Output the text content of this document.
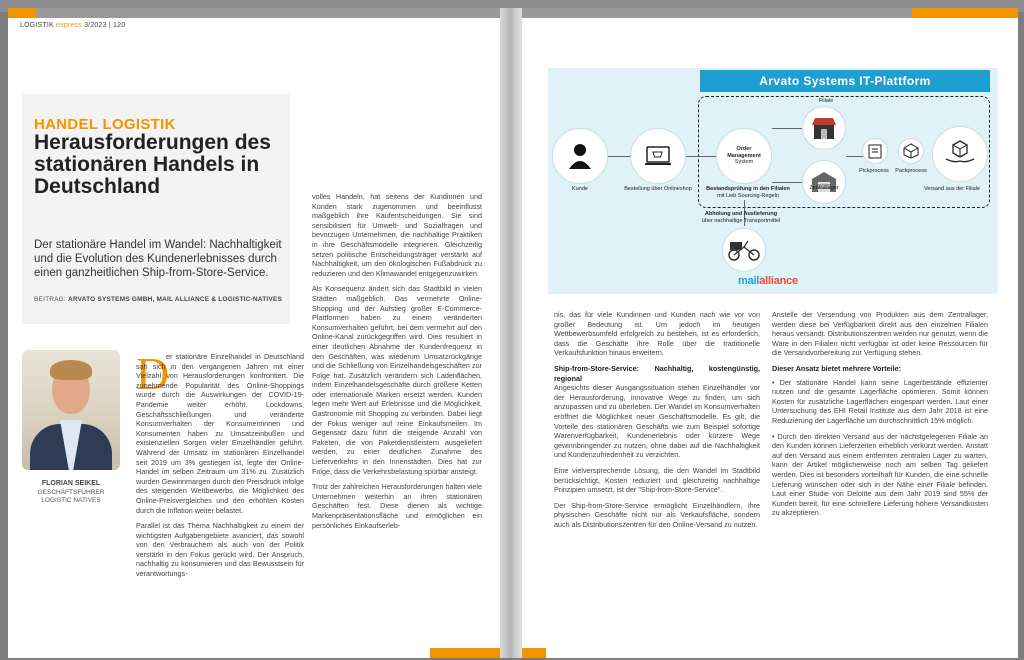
LOGISTIK express 3/2023 | 120
HANDEL LOGISTIK
Herausforderungen des stationären Handels in Deutschland
Der stationäre Handel im Wandel: Nachhaltigkeit und die Evolution des Kundenerlebnisses durch einen ganzheitlichen Ship-from-Store-Service.
BEITRAG: ARVATO SYSTEMS GMBH, MAIL ALLIANCE & LOGISTIC-NATIVES
FLORIAN SEIKEL
GESCHÄFTSFÜHRER
LOGISTIC NATIVES
D

er stationäre Einzelhandel in Deutschland sah sich in den vergangenen Jahren mit einer Vielzahl von Herausforderungen konfrontiert. Die zunehmende Popularität des Online-Shoppings wurde durch die Auswirkungen der COVID-19-Pandemie weiter erhöht. Lockdowns, Geschäftsschließungen und veränderte Konsumverhalten der Konsumentinnen und Konsumenten haben zu Umsatzeinbußen und existenziellen Sorgen vieler Einzelhändler geführt. Während der Umsatz im stationären Einzelhandel seit 2019 um 3% gestiegen ist, legte der Online-Handel im selben Zeitraum um 31% zu. Zusätzlich wurden Gewinnmargen durch den Preisdruck infolge des steigenden Wettbewerbs, die Möglichkeit des Online-Preisvergleiches und den erhöhten Kosten durch die Inflation weiter belastet.

Parallel ist das Thema Nachhaltigkeit zu einem der wichtigsten Aufgabengebiete avanciert, das sowohl von den Verbrauchern als auch von der Politik verstärkt in den Fokus gerückt wird. Der Anspruch, nachhaltig zu konsumieren und das Bewusstsein für verantwortungs-

volles Handeln, hat seitens der Kundinnen und Kunden stark zugenommen und beeinflusst maßgeblich ihre Kaufentscheidungen. Sie sind sensibilisiert für Umwelt- und Sozialfragen und bevorzugen Unternehmen, die nachhaltige Praktiken in ihre Geschäftsmodelle integrieren. Gleichzeitig setzen politische Entscheidungsträger verstärkt auf Nachhaltigkeit, um den ökologischen Fußabdruck zu reduzieren und den Klimawandel entgegenzuwirken.

Als Konsequenz ändert sich das Stadtbild in vielen Städten maßgeblich. Das vermehrte Online-Shopping und der Aufstieg großer E-Commerce-Plattformen haben zu einem veränderten Konsumverhalten geführt, bei dem vermehrt auf den Online-Kanal zurückgegriffen wird. Dies resultiert in einer deutlichen Abnahme der Kundenfrequenz in den Geschäften, was wiederum Umsatzrückgänge und die Schließung von Einzelhandelsgeschäften zur Folge hat. Zusätzlich verändern sich Ladenflächen, indem Einzelhandelsgeschäfte durch größere Ketten oder internationale Marken ersetzt werden. Kunden legen mehr Wert auf Erlebnisse und die Möglichkeit, Gastronomie mit Shopping zu verbinden. Dabei liegt der Fokus weniger auf reine Einkaufsmeilen. Im Gegensatz dazu führt die steigende Anzahl von Paketen, die von Paketdienstleistern ausgeliefert werden, zu einer deutlichen Zunahme des Lieferverkehrs in den Innenstädten. Dies hat zur Folge, dass die Verkehrsbelastung spürbar ansteigt.

Trotz der zahlreichen Herausforderungen halten viele Unternehmen weiterhin an ihren stationären Geschäften fest. Diese dienen als wichtige Markenpräsentationsfläche und ermöglichen ein persönliches Einkaufserleb-

Arvato Systems IT-Plattform
Kunde	Bestellung über Onlineshop
Order
Management
System
Bestandsprüfung in den Filialen
mit Lieb Sourcing-Regeln
Filiale
Zentrallager
Pickprocess	Packprocess
Versand aus der Filiale
Abholung und Auslieferung
über nachhaltige Transportmittel
mailalliance

nis, das für viele Kundinnen und Kunden nach wie vor von großer Bedeutung ist. Um jedoch im heutigen Wettbewerbsumfeld erfolgreich zu bestehen, ist es erforderlich, dass die Geschäfte ihre Rolle über die traditionelle Verkaufsfunktion hinaus erweitern.

Ship-from-Store-Service: Nachhaltig, kostengünstig, regional

Angesichts dieser Ausgangssituation stehen Einzelhändler vor der Herausforderung, innovative Wege zu finden, um sich anzupassen und zu überleben. Der Wandel im Konsumverhalten eröffnet die Möglichkeit neuer Geschäftsmodelle. Es gilt, die Vorteile des stationären Geschäfts wie zum Beispiel sofortige Warenverfügbarkeit, Kundenerlebnis oder kürzere Wege gewinnbringender zu nutzen, ohne dabei auf die Nachhaltigkeit und Kundenzufriedenheit zu verzichten.

Eine vielversprechende Lösung, die den Wandel im Stadtbild berücksichtigt, Kosten reduziert und gleichzeitig nachhaltige Prinzipien umsetzt, ist der "Ship-from-Store-Service".

Der Ship-from-Store-Service ermöglicht Einzelhändlern, ihre physischen Geschäfte nicht nur als Verkaufsfläche, sondern auch als Distributionszentren für den Online-Versand zu nutzen.

Anstelle der Versendung von Produkten aus dem Zentrallager, werden diese bei Verfügbarkeit direkt aus den einzelnen Filialen heraus versandt. Distributionszentren werden nur genutzt, wenn die Ware in den Filialen nicht verfügbar ist oder keine Ressourcen für die Versandvorbereitung zur Verfügung stehen.

Dieser Ansatz bietet mehrere Vorteile:

• Der stationäre Handel kann seine Lagerbestände effizienter nutzen und die gesamte Lagerfläche optimieren. Somit können Kosten für zusätzliche Lagerflächen eingespart werden. Laut einer Untersuchung des EHI Retail Institute aus dem Jahr 2018 ist eine Reduzierung der Lagerfläche um durchschnittlich 15% möglich.

• Durch den direkten Versand aus der nächstgelegenen Filiale an den Kunden können Lieferzeiten erheblich verkürzt werden. Anstatt auf den Versand aus einem entfernten zentralen Lager zu warten, kann der Artikel möglicherweise noch am selben Tag geliefert werden. Dies ist besonders vorteilhaft für Kunden, die eine schnelle Lieferung wünschen oder sich in der Nähe einer Filiale befinden. Laut einer Studie von Deloitte aus dem Jahr 2019 sind 55% der Kunden bereit, für eine schnellere Lieferung höhere Versandkosten zu akzeptieren.
